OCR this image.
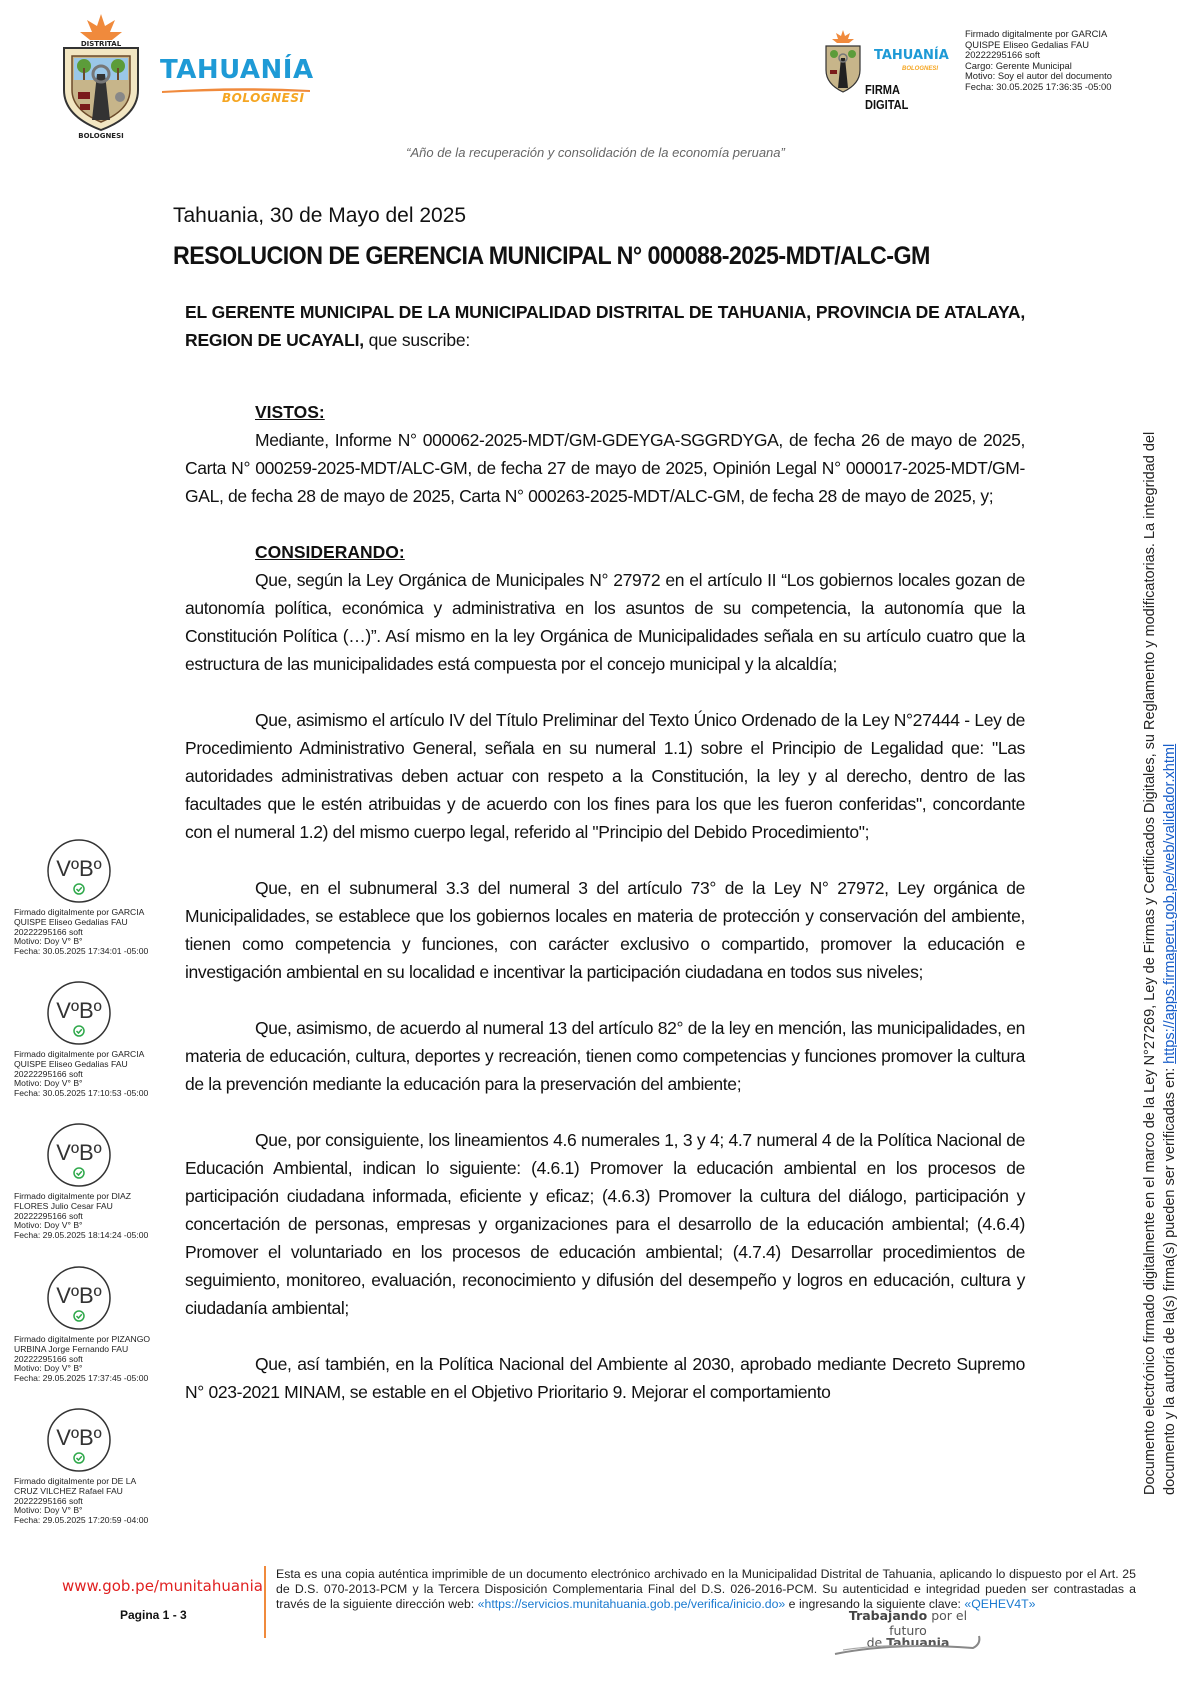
DISTRITAL
BOLOGNESI
TAHUANÍA
BOLOGNESI
TAHUANÍA
BOLOGNESI
FIRMA DIGITAL
Firmado digitalmente por GARCIA
QUISPE Eliseo Gedalias FAU
20222295166 soft
Cargo: Gerente Municipal
Motivo: Soy el autor del documento
Fecha: 30.05.2025 17:36:35 -05:00
“Año de la recuperación y consolidación de la economía peruana”
Tahuania, 30 de Mayo del 2025
RESOLUCION DE GERENCIA MUNICIPAL N° 000088-2025-MDT/ALC-GM
EL GERENTE MUNICIPAL DE LA MUNICIPALIDAD DISTRITAL DE TAHUANIA, PROVINCIA DE ATALAYA, REGION DE UCAYALI, que suscribe:
VISTOS:
Mediante, Informe N° 000062-2025-MDT/GM-GDEYGA-SGGRDYGA, de fecha 26 de mayo de 2025, Carta N° 000259-2025-MDT/ALC-GM, de fecha 27 de mayo de 2025, Opinión Legal N° 000017-2025-MDT/GM-GAL, de fecha 28 de mayo de 2025, Carta N° 000263-2025-MDT/ALC-GM, de fecha 28 de mayo de 2025, y;
CONSIDERANDO:
Que, según la Ley Orgánica de Municipales N° 27972 en el artículo II “Los gobiernos locales gozan de autonomía política, económica y administrativa en los asuntos de su competencia, la autonomía que la Constitución Política (…)”. Así mismo en la ley Orgánica de Municipalidades señala en su artículo cuatro que la estructura de las municipalidades está compuesta por el concejo municipal y la alcaldía;
Que, asimismo el artículo IV del Título Preliminar del Texto Único Ordenado de la Ley N°27444 - Ley de Procedimiento Administrativo General, señala en su numeral 1.1) sobre el Principio de Legalidad que: "Las autoridades administrativas deben actuar con respeto a la Constitución, la ley y al derecho, dentro de las facultades que le estén atribuidas y de acuerdo con los fines para los que les fueron conferidas", concordante con el numeral 1.2) del mismo cuerpo legal, referido al "Principio del Debido Procedimiento";
Que, en el subnumeral 3.3 del numeral 3 del artículo 73° de la Ley N° 27972, Ley orgánica de Municipalidades, se establece que los gobiernos locales en materia de protección y conservación del ambiente, tienen como competencia y funciones, con carácter exclusivo o compartido, promover la educación e investigación ambiental en su localidad e incentivar la participación ciudadana en todos sus niveles;
Que, asimismo, de acuerdo al numeral 13 del artículo 82° de la ley en mención, las municipalidades, en materia de educación, cultura, deportes y recreación, tienen como competencias y funciones promover la cultura de la prevención mediante la educación para la preservación del ambiente;
Que, por consiguiente, los lineamientos 4.6 numerales 1, 3 y 4; 4.7 numeral 4 de la Política Nacional de Educación Ambiental, indican lo siguiente: (4.6.1) Promover la educación ambiental en los procesos de participación ciudadana informada, eficiente y eficaz; (4.6.3) Promover la cultura del diálogo, participación y concertación de personas, empresas y organizaciones para el desarrollo de la educación ambiental; (4.6.4) Promover el voluntariado en los procesos de educación ambiental; (4.7.4) Desarrollar procedimientos de seguimiento, monitoreo, evaluación, reconocimiento y difusión del desempeño y logros en educación, cultura y ciudadanía ambiental;
Que, así también, en la Política Nacional del Ambiente al 2030, aprobado mediante Decreto Supremo N° 023-2021 MINAM, se estable en el Objetivo Prioritario 9. Mejorar el comportamiento
VºBº
Firmado digitalmente por GARCIA
QUISPE Eliseo Gedalias FAU
20222295166 soft
Motivo: Doy V° B°
Fecha: 30.05.2025 17:34:01 -05:00
VºBº
Firmado digitalmente por GARCIA
QUISPE Eliseo Gedalias FAU
20222295166 soft
Motivo: Doy V° B°
Fecha: 30.05.2025 17:10:53 -05:00
VºBº
Firmado digitalmente por DIAZ
FLORES Julio Cesar FAU
20222295166 soft
Motivo: Doy V° B°
Fecha: 29.05.2025 18:14:24 -05:00
VºBº
Firmado digitalmente por PIZANGO
URBINA Jorge Fernando FAU
20222295166 soft
Motivo: Doy V° B°
Fecha: 29.05.2025 17:37:45 -05:00
VºBº
Firmado digitalmente por DE LA
CRUZ VILCHEZ Rafael FAU
20222295166 soft
Motivo: Doy V° B°
Fecha: 29.05.2025 17:20:59 -04:00
Documento electrónico firmado digitalmente en el marco de la Ley N°27269, Ley de Firmas y Certificados Digitales, su Reglamento y modificatorias. La integridad del documento y la autoría de la(s) firma(s) pueden ser verificadas en: https://apps.firmaperu.gob.pe/web/validador.xhtml
www.gob.pe/munitahuania
Pagina 1 - 3
Esta es una copia auténtica imprimible de un documento electrónico archivado en la Municipalidad Distrital de Tahuania, aplicando lo dispuesto por el Art. 25 de D.S. 070-2013-PCM y la Tercera Disposición Complementaria Final del D.S. 026-2016-PCM. Su autenticidad e integridad pueden ser contrastadas a través de la siguiente dirección web: «https://servicios.munitahuania.gob.pe/verifica/inicio.do» e ingresando la siguiente clave: «QEHEV4T»
Trabajando por el futuro
de Tahuania
